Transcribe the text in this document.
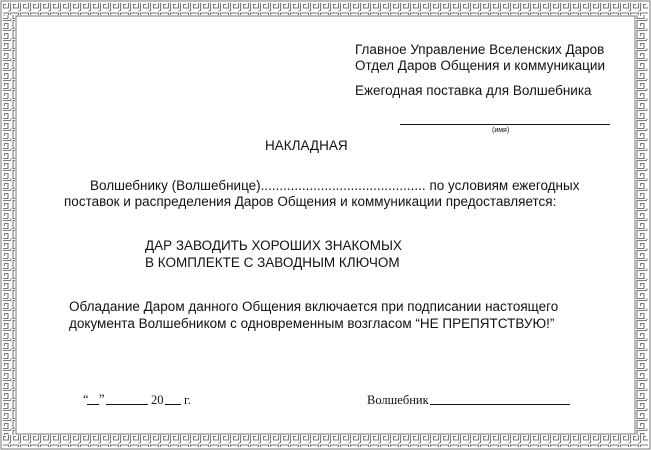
Главное Управление Вселенских Даров
Отдел Даров Общения и коммуникации
Ежегодная поставка для Волшебника
(имя)
НАКЛАДНАЯ
Волшебнику (Волшебнице)............................................ по условиям ежегодных
поставок и распределения Даров Общения и коммуникации предоставляется:
ДАР ЗАВОДИТЬ ХОРОШИХ ЗНАКОМЫХ
В КОМПЛЕКТЕ С ЗАВОДНЫМ КЛЮЧОМ
Обладание Даром данного Общения включается при подписании настоящего
документа Волшебником с одновременным возгласом “НЕ ПРЕПЯТСТВУЮ!”
“ ”	20 г.	Волшебник
